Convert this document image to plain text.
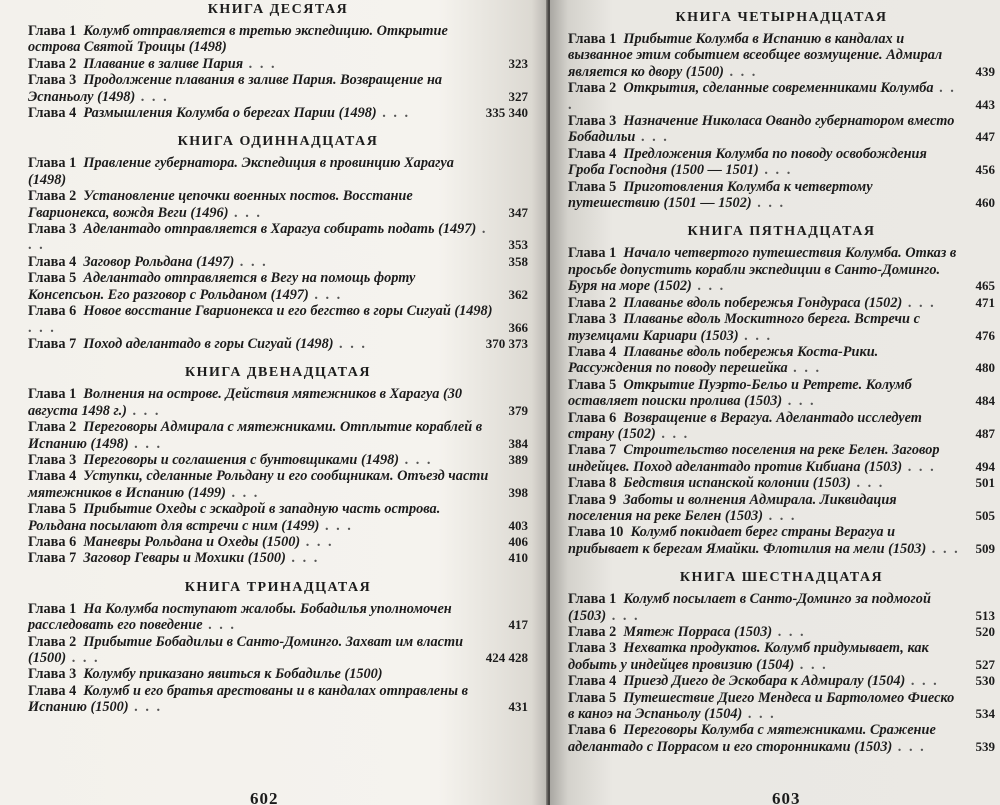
КНИГА ДЕСЯТАЯ
Глава 1 Колумб отправляется в третью экспедицию. Открытие острова Святой Троицы (1498)
Глава 2 Плавание в заливе Пария . . .	323
Глава 3 Продолжение плавания в заливе Пария. Возвращение на Эспаньолу (1498) . . .	327
Глава 4 Размышления Колумба о берегах Парии (1498) . . .	335 340
КНИГА ОДИННАДЦАТАЯ
Глава 1 Правление губернатора. Экспедиция в провинцию Харагуа (1498)
Глава 2 Установление цепочки военных постов. Восстание Гварионекса, вождя Веги (1496) . . .	347
Глава 3 Аделантадо отправляется в Харагуа собирать подать (1497) . . .	353
Глава 4 Заговор Рольдана (1497) . . .	358
Глава 5 Аделантадо отправляется в Вегу на помощь форту Консепсьон. Его разговор с Рольданом (1497) . . .	362
Глава 6 Новое восстание Гварионекса и его бегство в горы Сигуай (1498) . . .	366
Глава 7 Поход аделантадо в горы Сигуай (1498) . . .	370 373
КНИГА ДВЕНАДЦАТАЯ
Глава 1 Волнения на острове. Действия мятежников в Харагуа (30 августа 1498 г.) . . .	379
Глава 2 Переговоры Адмирала с мятежниками. Отплытие кораблей в Испанию (1498) . . .	384
Глава 3 Переговоры и соглашения с бунтовщиками (1498) . . .	389
Глава 4 Уступки, сделанные Рольдану и его сообщникам. Отъезд части мятежников в Испанию (1499) . . .	398
Глава 5 Прибытие Охеды с эскадрой в западную часть острова. Рольдана посылают для встречи с ним (1499) . . .	403
Глава 6 Маневры Рольдана и Охеды (1500) . . .	406
Глава 7 Заговор Гевары и Мохики (1500) . . .	410
КНИГА ТРИНАДЦАТАЯ
Глава 1 На Колумба поступают жалобы. Бобадилья уполномочен расследовать его поведение . . .	417
Глава 2 Прибытие Бобадильи в Санто-Доминго. Захват им власти (1500) . . .	424 428
Глава 3 Колумбу приказано явиться к Бобадилье (1500)
Глава 4 Колумб и его братья арестованы и в кандалах отправлены в Испанию (1500) . . .	431
602
КНИГА ЧЕТЫРНАДЦАТАЯ
Глава 1 Прибытие Колумба в Испанию в кандалах и вызванное этим событием всеобщее возмущение. Адмирал является ко двору (1500) . . .	439
Глава 2 Открытия, сделанные современниками Колумба . . .	443
Глава 3 Назначение Николаса Овандо губернатором вместо Бобадильи . . .	447
Глава 4 Предложения Колумба по поводу освобождения Гроба Господня (1500 — 1501) . . .	456
Глава 5 Приготовления Колумба к четвертому путешествию (1501 — 1502) . . .	460
КНИГА ПЯТНАДЦАТАЯ
Глава 1 Начало четвертого путешествия Колумба. Отказ в просьбе допустить корабли экспедиции в Санто-Доминго. Буря на море (1502) . . .	465
Глава 2 Плаванье вдоль побережья Гондураса (1502) . . .	471
Глава 3 Плаванье вдоль Москитного берега. Встречи с туземцами Кариари (1503) . . .	476
Глава 4 Плаванье вдоль побережья Коста-Рики. Рассуждения по поводу перешейка . . .	480
Глава 5 Открытие Пуэрто-Бельо и Ретрете. Колумб оставляет поиски пролива (1503) . . .	484
Глава 6 Возвращение в Верагуа. Аделантадо исследует страну (1502) . . .	487
Глава 7 Строительство поселения на реке Белен. Заговор индейцев. Поход аделантадо против Кибиана (1503) . . .	494
Глава 8 Бедствия испанской колонии (1503) . . .	501
Глава 9 Заботы и волнения Адмирала. Ликвидация поселения на реке Белен (1503) . . .	505
Глава 10 Колумб покидает берег страны Верагуа и прибывает к берегам Ямайки. Флотилия на мели (1503) . . . 509
КНИГА ШЕСТНАДЦАТАЯ
Глава 1 Колумб посылает в Санто-Доминго за подмогой (1503) . . .	513
Глава 2 Мятеж Порраса (1503) . . .	520
Глава 3 Нехватка продуктов. Колумб придумывает, как добыть у индейцев провизию (1504) . . .	527
Глава 4 Приезд Диего де Эскобара к Адмиралу (1504) . . .	530
Глава 5 Путешествие Диего Мендеса и Бартоломео Фиеско в каноэ на Эспаньолу (1504) . . .	534
Глава 6 Переговоры Колумба с мятежниками. Сражение аделантадо с Поррасом и его сторонниками (1503) . . .	539
603
